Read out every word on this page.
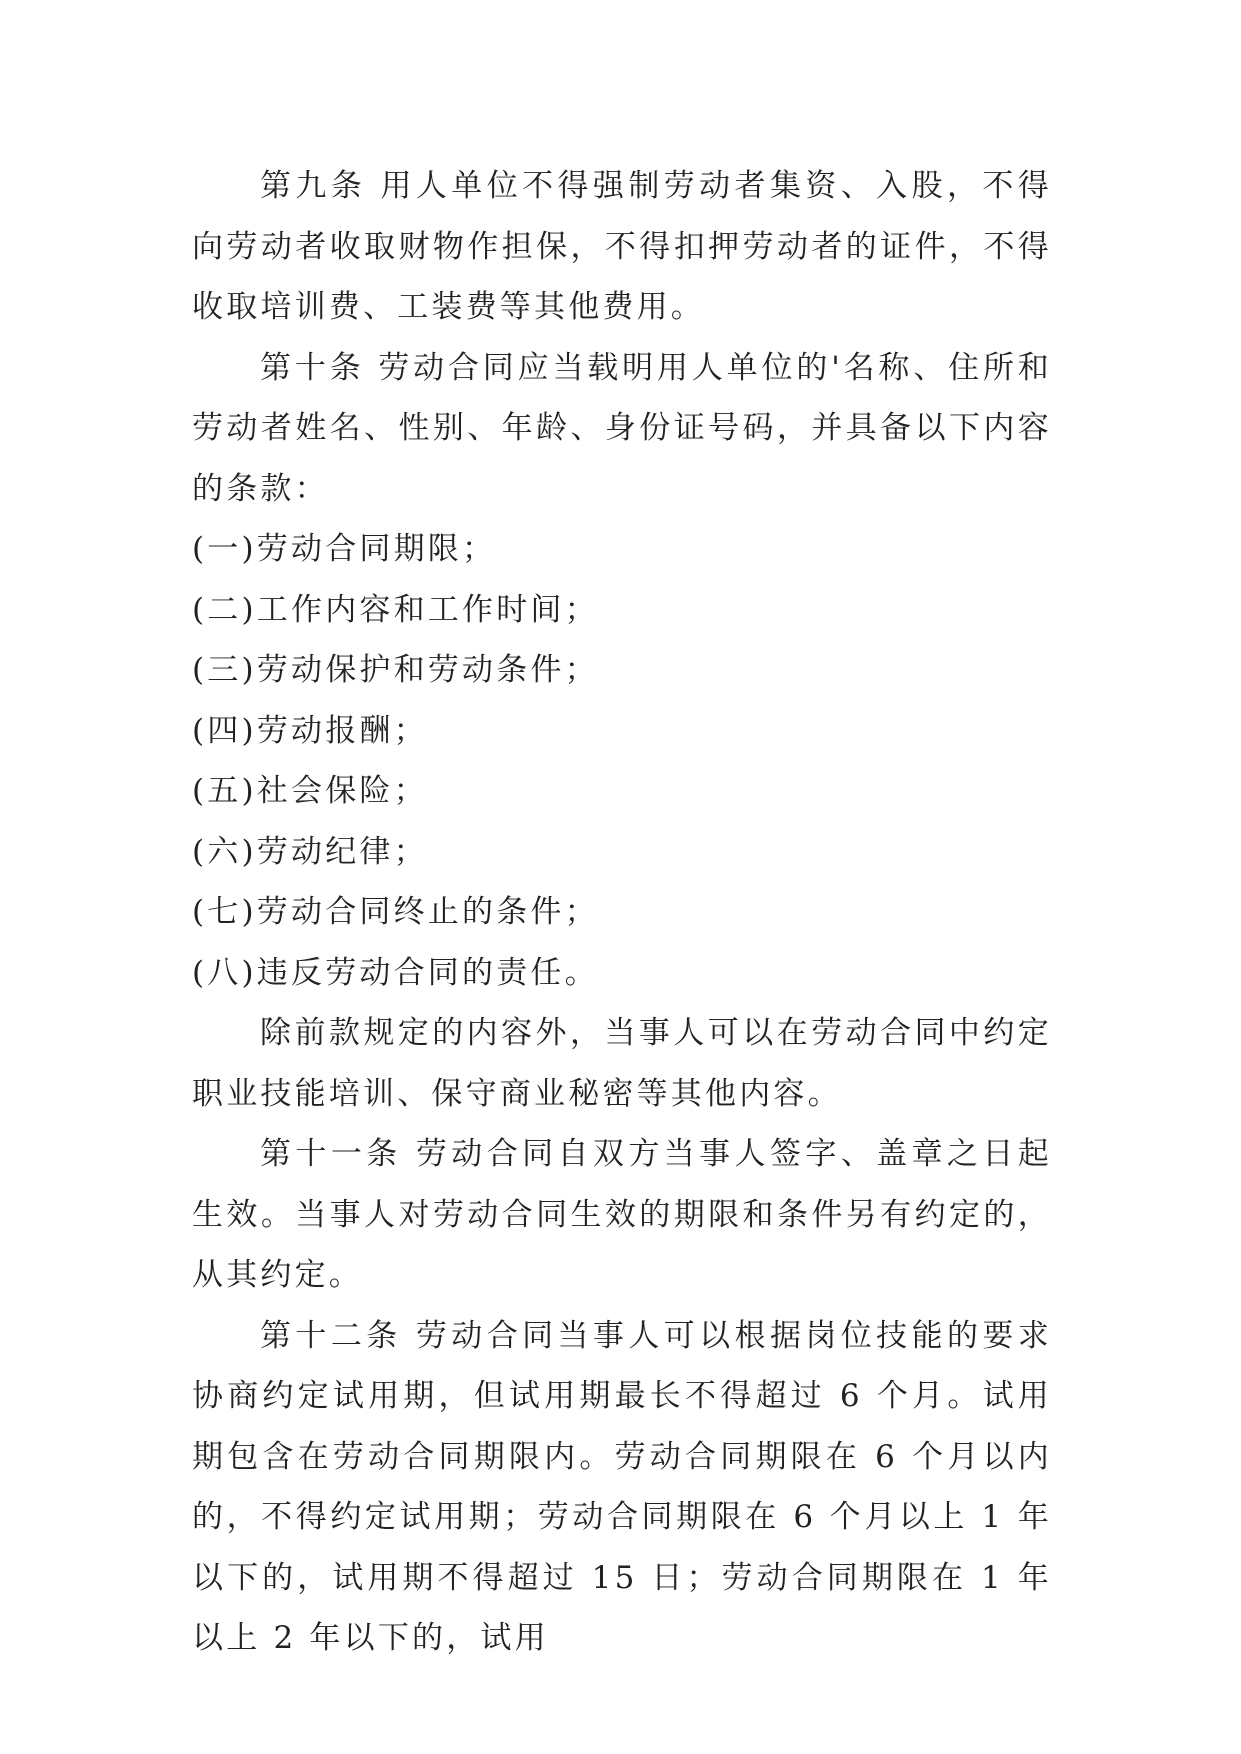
第九条 用人单位不得强制劳动者集资、入股，不得向劳动者收取财物作担保，不得扣押劳动者的证件，不得收取培训费、工装费等其他费用。

第十条 劳动合同应当载明用人单位的'名称、住所和劳动者姓名、性别、年龄、身份证号码，并具备以下内容的条款：

(一)劳动合同期限；

(二)工作内容和工作时间；

(三)劳动保护和劳动条件；

(四)劳动报酬；

(五)社会保险；

(六)劳动纪律；

(七)劳动合同终止的条件；

(八)违反劳动合同的责任。

除前款规定的内容外，当事人可以在劳动合同中约定职业技能培训、保守商业秘密等其他内容。

第十一条 劳动合同自双方当事人签字、盖章之日起生效。当事人对劳动合同生效的期限和条件另有约定的，从其约定。

第十二条 劳动合同当事人可以根据岗位技能的要求协商约定试用期，但试用期最长不得超过 6 个月。试用期包含在劳动合同期限内。劳动合同期限在 6 个月以内的，不得约定试用期；劳动合同期限在 6 个月以上 1 年以下的，试用期不得超过 15 日；劳动合同期限在 1 年以上 2 年以下的，试用
